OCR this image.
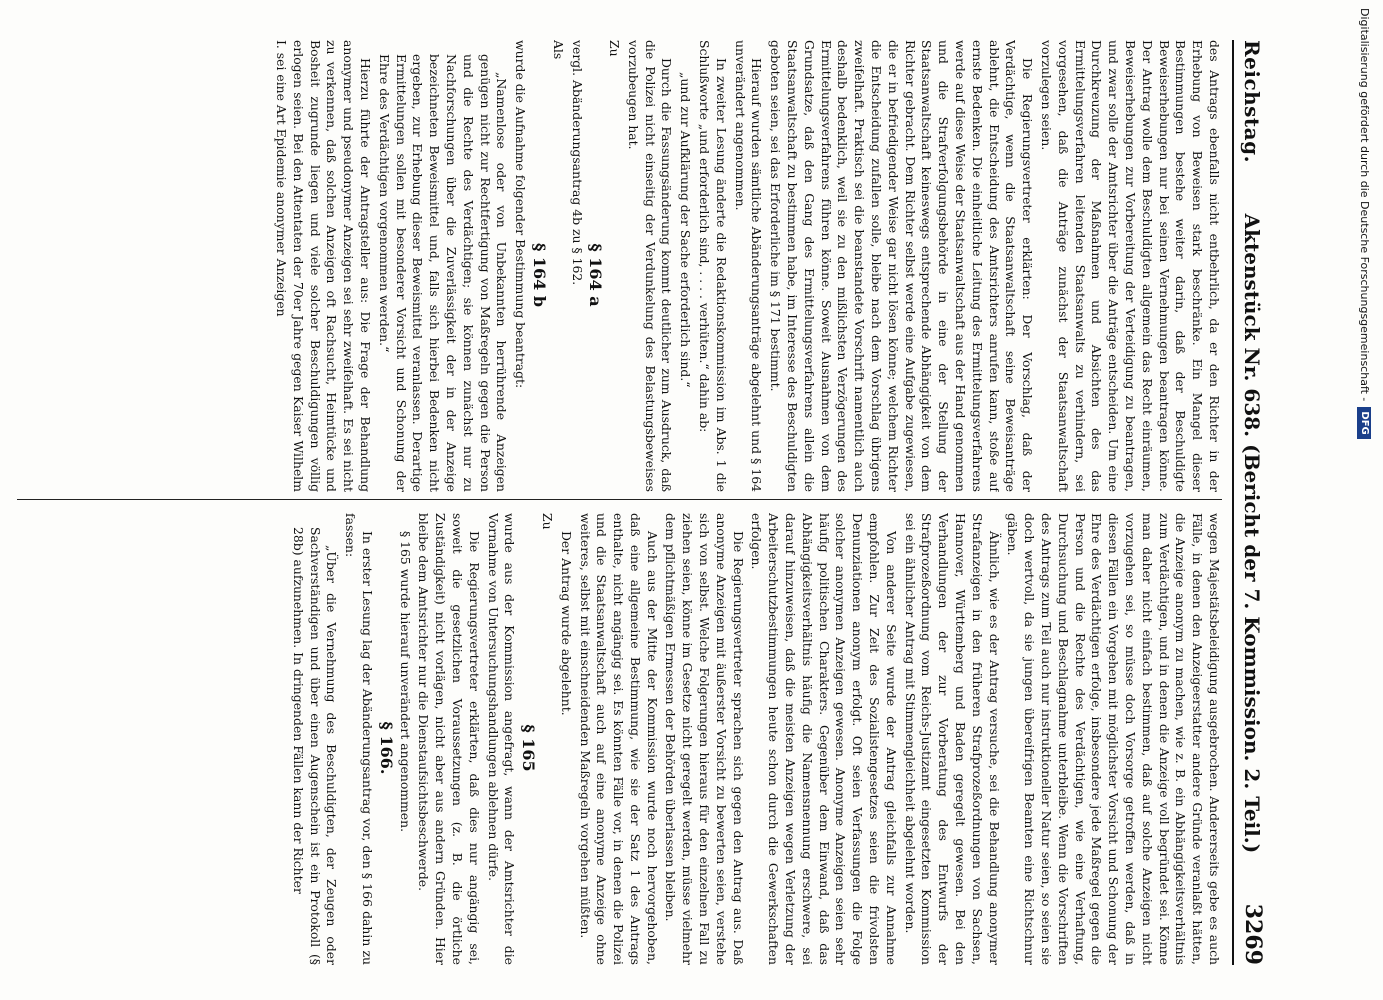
Reichstag.
Aktenstück Nr. 638. (Bericht der 7. Kommission. 2. Teil.)
3269

des Antrags ebenfalls nicht entbehrlich, da er den Richter in der Erhebung von Beweisen stark beschränke. Ein Mangel dieser Bestimmungen bestehe weiter darin, daß der Beschuldigte Beweiserhebungen nur bei seinen Vernehmungen beantragen könne. Der Antrag wolle dem Beschuldigten allgemein das Recht einräumen, Beweiserhebungen zur Vorbereitung der Verteidigung zu beantragen, und zwar solle der Amtsrichter über die Anträge entscheiden. Um eine Durchkreuzung der Maßnahmen und Absichten des das Ermittelungsverfahren leitenden Staatsanwalts zu verhindern, sei vorgesehen, daß die Anträge zunächst der Staatsanwaltschaft vorzulegen seien.

Die Regierungsvertreter erklärten: Der Vorschlag, daß der Verdächtige, wenn die Staatsanwaltschaft seine Beweisanträge ablehnt, die Entscheidung des Amtsrichters anrufen kann, stoße auf ernste Bedenken. Die einheitliche Leitung des Ermittelungsverfahrens werde auf diese Weise der Staatsanwaltschaft aus der Hand genommen und die Strafverfolgungsbehörde in eine der Stellung der Staatsanwaltschaft keineswegs entsprechende Abhängigkeit von dem Richter gebracht. Dem Richter selbst werde eine Aufgabe zugewiesen, die er in befriedigender Weise gar nicht lösen könne; welchem Richter die Entscheidung zufallen solle, bleibe nach dem Vorschlag übrigens zweifelhaft. Praktisch sei die beanstandete Vorschrift namentlich auch deshalb bedenklich, weil sie zu den mißlichsten Verzögerungen des Ermittelungsverfahrens führen könne. Soweit Ausnahmen von dem Grundsatze, daß den Gang des Ermittelungsverfahrens allein die Staatsanwaltschaft zu bestimmen habe, im Interesse des Beschuldigten geboten seien, sei das Erforderliche im § 171 bestimmt.

Hierauf wurden sämtliche Abänderungsanträge abgelehnt und § 164 unverändert angenommen.

In zweiter Lesung änderte die Redaktionskommission im Abs. 1 die Schlußworte „und erforderlich sind, . . . . verhüten.“ dahin ab:

„und zur Aufklärung der Sache erforderlich sind.“

Durch die Fassungsänderung kommt deutlicher zum Ausdruck, daß die Polizei nicht einseitig der Verdunkelung des Belastungsbeweises vorzubeugen hat.

Zu

§ 164 a

vergl. Abänderungsantrag 4b zu § 162.

Als

§ 164 b

wurde die Aufnahme folgender Bestimmung beantragt:

„Namenlose oder von Unbekannten herrührende Anzeigen genügen nicht zur Rechtfertigung von Maßregeln gegen die Person und die Rechte des Verdächtigen; sie können zunächst nur zu Nachforschungen über die Zuverlässigkeit der in der Anzeige bezeichneten Beweismittel und, falls sich hierbei Bedenken nicht ergeben, zur Erhebung dieser Beweismittel veranlassen. Derartige Ermittelungen sollen mit besonderer Vorsicht und Schonung der Ehre des Verdächtigen vorgenommen werden.“

Hierzu führte der Antragsteller aus: Die Frage der Behandlung anonymer und pseudonymer Anzeigen sei sehr zweifelhaft. Es sei nicht zu verkennen, daß solchen Anzeigen oft Rachsucht, Heimtücke und Bosheit zugrunde liegen und viele solcher Beschuldigungen völlig erlogen seien. Bei den Attentaten der 70er Jahre gegen Kaiser Wilhelm I. sei eine Art Epidemie anonymer Anzeigen

wegen Majestätsbeleidigung ausgebrochen. Andererseits gebe es auch Fälle, in denen den Anzeigeerstatter andere Gründe veranlaßt hätten, die Anzeige anonym zu machen, wie z. B. ein Abhängigkeitsverhältnis zum Verdächtigen, und in denen die Anzeige voll begründet sei. Könne man daher nicht einfach bestimmen, daß auf solche Anzeigen nicht vorzugehen sei, so müsse doch Vorsorge getroffen werden, daß in diesen Fällen ein Vorgehen mit möglichster Vorsicht und Schonung der Ehre des Verdächtigen erfolge, insbesondere jede Maßregel gegen die Person und die Rechte des Verdächtigen, wie eine Verhaftung, Durchsuchung und Beschlagnahme unterbleibe. Wenn die Vorschriften des Antrags zum Teil auch nur instruktioneller Natur seien, so seien sie doch wertvoll, da sie jungen übereifrigen Beamten eine Richtschnur gäben.

Ähnlich, wie es der Antrag versuche, sei die Behandlung anonymer Strafanzeigen in den früheren Strafprozeßordnungen von Sachsen, Hannover, Württemberg und Baden geregelt gewesen. Bei den Verhandlungen der zur Vorberatung des Entwurfs der Strafprozeßordnung vom Reichs-Justizamt eingesetzten Kommission sei ein ähnlicher Antrag mit Stimmengleichheit abgelehnt worden.

Von anderer Seite wurde der Antrag gleichfalls zur Annahme empfohlen. Zur Zeit des Sozialistengesetzes seien die frivolsten Denunziationen anonym erfolgt. Oft seien Verfassungen die Folge solcher anonymen Anzeigen gewesen. Anonyme Anzeigen seien sehr häufig politischen Charakters. Gegenüber dem Einwand, daß das Abhängigkeitsverhältnis häufig die Namensnennung erschwere, sei darauf hinzuweisen, daß die meisten Anzeigen wegen Verletzung der Arbeiterschutzbestimmungen heute schon durch die Gewerkschaften erfolgen.

Die Regierungsvertreter sprachen sich gegen den Antrag aus. Daß anonyme Anzeigen mit äußerster Vorsicht zu bewerten seien, verstehe sich von selbst. Welche Folgerungen hieraus für den einzelnen Fall zu ziehen seien, könne im Gesetze nicht geregelt werden, müsse vielmehr dem pflichtmäßigen Ermessen der Behörden überlassen bleiben.

Auch aus der Mitte der Kommission wurde noch hervorgehoben, daß eine allgemeine Bestimmung, wie sie der Satz 1 des Antrags enthalte, nicht angängig sei. Es könnten Fälle vor, in denen die Polizei und die Staatsanwaltschaft auch auf eine anonyme Anzeige ohne weiteres, selbst mit einschneidenden Maßregeln vorgehen müßten.

Der Antrag wurde abgelehnt.

Zu

§ 165

wurde aus der Kommission angefragt, wann der Amtsrichter die Vornahme von Untersuchungshandlungen ablehnen dürfe.

Die Regierungsvertreter erklärten, daß dies nur angängig sei, soweit die gesetzlichen Voraussetzungen (z. B. die örtliche Zuständigkeit) nicht vorlägen, nicht aber aus andern Gründen. Hier bleibe dem Amtsrichter nur die Dienstaufsichtsbeschwerde.

§ 165 wurde hierauf unverändert angenommen.

§ 166.

In erster Lesung lag der Abänderungsantrag vor, den § 166 dahin zu fassen:

„Über die Vernehmung des Beschuldigten, der Zeugen oder Sachverständigen und über einen Augenschein ist ein Protokoll (§ 28b) aufzunehmen. In dringenden Fällen kann der Richter

Digitalisierung gefördert durch die Deutsche Forschungsgemeinschaft -DFG
